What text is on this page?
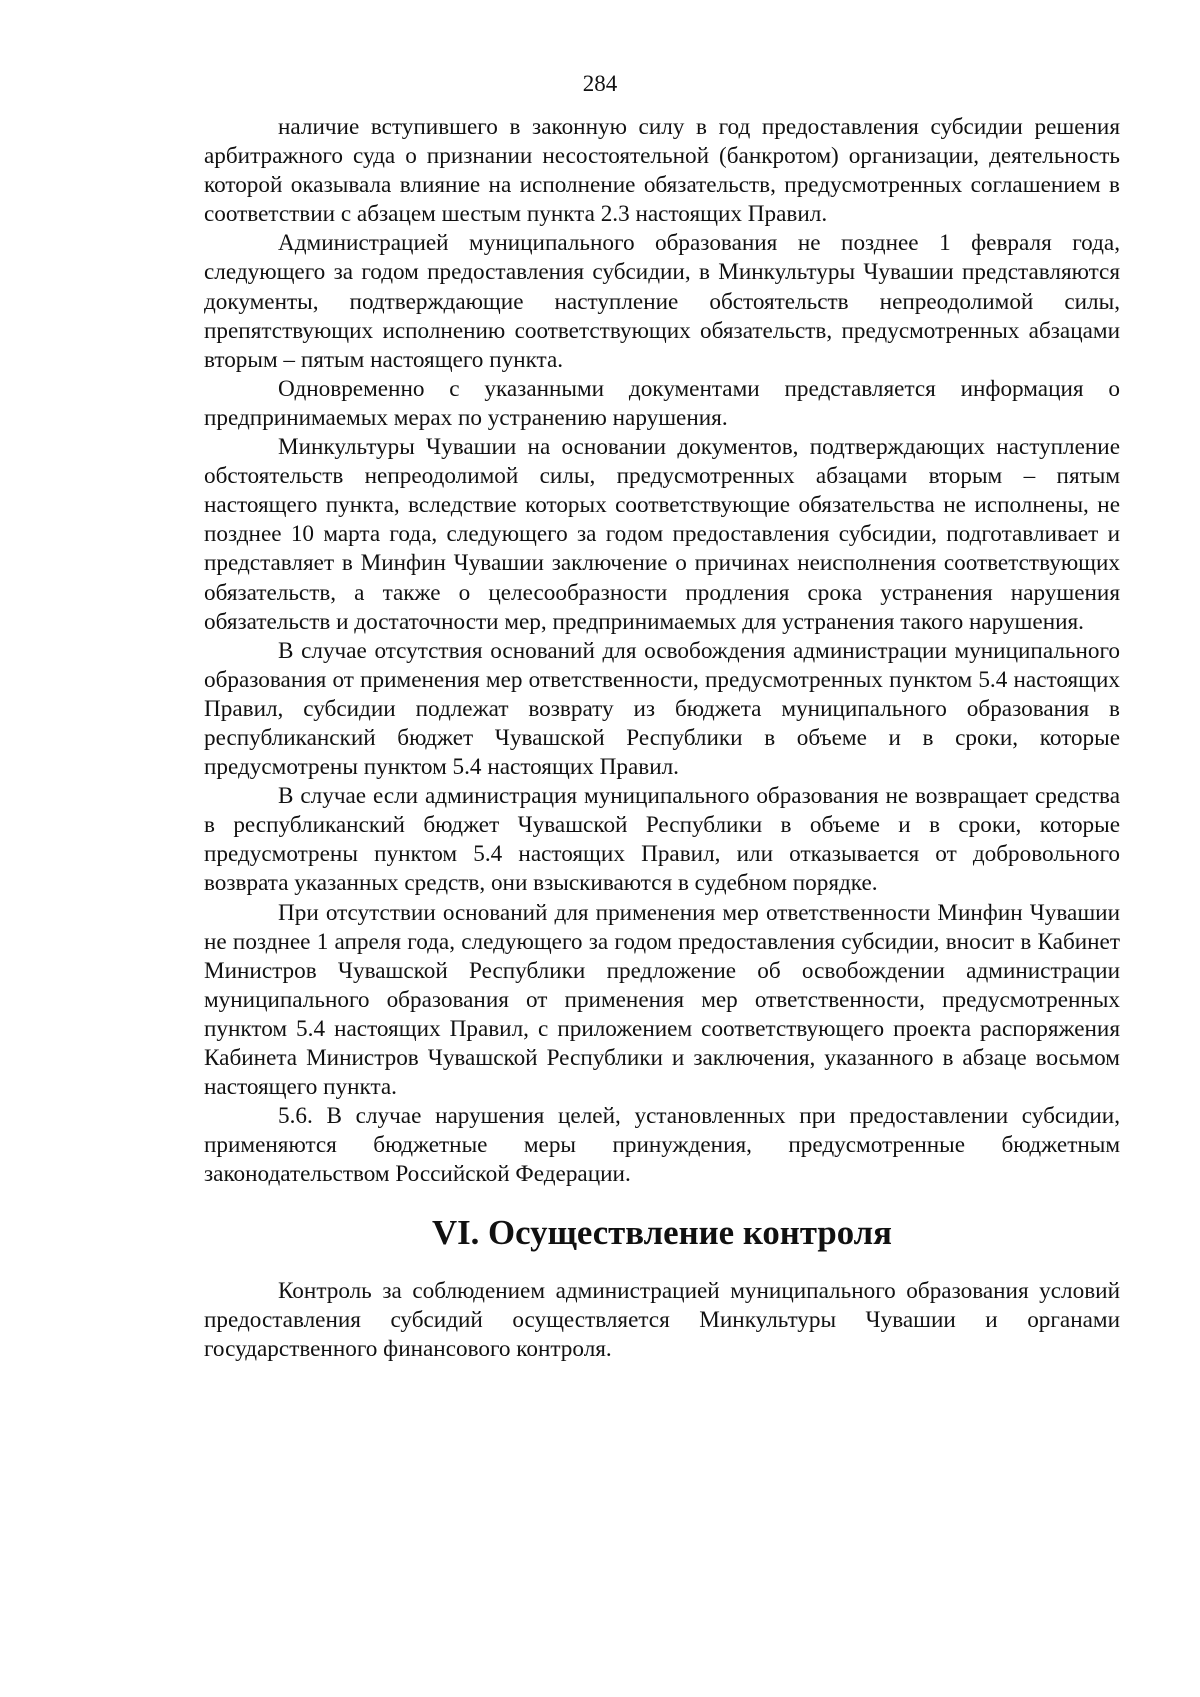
284

наличие вступившего в законную силу в год предоставления субсидии решения арбитражного суда о признании несостоятельной (банкротом) организации, деятельность которой оказывала влияние на исполнение обязательств, предусмотренных соглашением в соответствии с абзацем шестым пункта 2.3 настоящих Правил.

Администрацией муниципального образования не позднее 1 февраля года, следующего за годом предоставления субсидии, в Минкультуры Чувашии представляются документы, подтверждающие наступление обстоятельств непреодолимой силы, препятствующих исполнению соответствующих обязательств, предусмотренных абзацами вторым – пятым настоящего пункта.

Одновременно с указанными документами представляется информация о предпринимаемых мерах по устранению нарушения.

Минкультуры Чувашии на основании документов, подтверждающих наступление обстоятельств непреодолимой силы, предусмотренных абзацами вторым – пятым настоящего пункта, вследствие которых соответствующие обязательства не исполнены, не позднее 10 марта года, следующего за годом предоставления субсидии, подготавливает и представляет в Минфин Чувашии заключение о причинах неисполнения соответствующих обязательств, а также о целесообразности продления срока устранения нарушения обязательств и достаточности мер, предпринимаемых для устранения такого нарушения.

В случае отсутствия оснований для освобождения администрации муниципального образования от применения мер ответственности, предусмотренных пунктом 5.4 настоящих Правил, субсидии подлежат возврату из бюджета муниципального образования в республиканский бюджет Чувашской Республики в объеме и в сроки, которые предусмотрены пунктом 5.4 настоящих Правил.

В случае если администрация муниципального образования не возвращает средства в республиканский бюджет Чувашской Республики в объеме и в сроки, которые предусмотрены пунктом 5.4 настоящих Правил, или отказывается от добровольного возврата указанных средств, они взыскиваются в судебном порядке.

При отсутствии оснований для применения мер ответственности Минфин Чувашии не позднее 1 апреля года, следующего за годом предоставления субсидии, вносит в Кабинет Министров Чувашской Республики предложение об освобождении администрации муниципального образования от применения мер ответственности, предусмотренных пунктом 5.4 настоящих Правил, с приложением соответствующего проекта распоряжения Кабинета Министров Чувашской Республики и заключения, указанного в абзаце восьмом настоящего пункта.

5.6. В случае нарушения целей, установленных при предоставлении субсидии, применяются бюджетные меры принуждения, предусмотренные бюджетным законодательством Российской Федерации.

VI. Осуществление контроля

Контроль за соблюдением администрацией муниципального образования условий предоставления субсидий осуществляется Минкультуры Чувашии и органами государственного финансового контроля.
